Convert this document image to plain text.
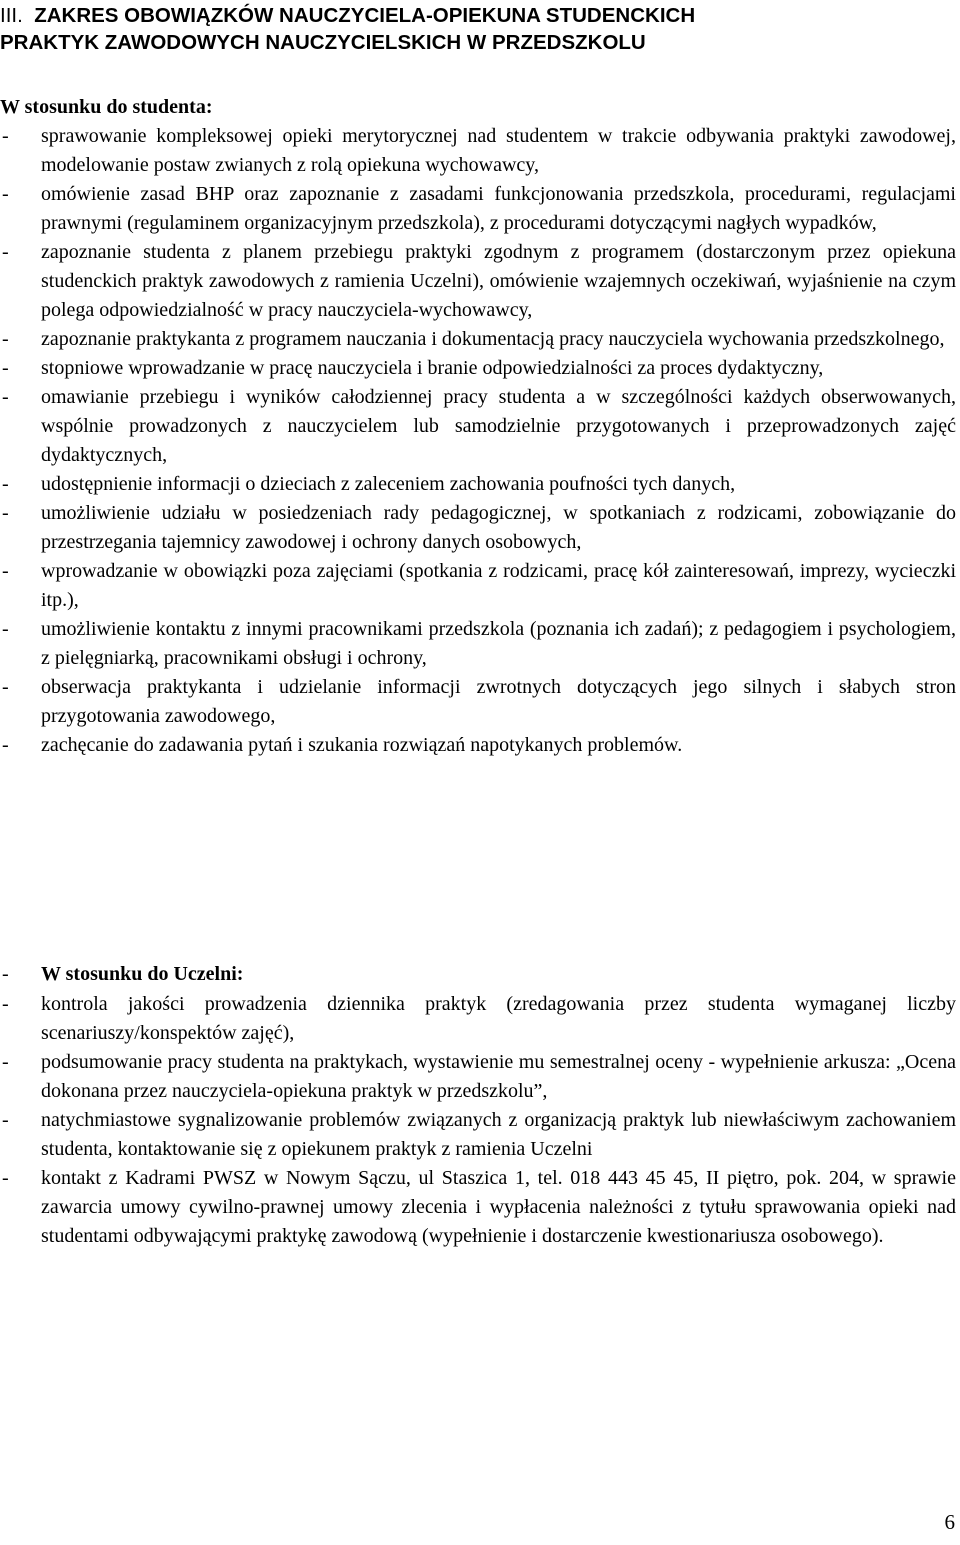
III. ZAKRES OBOWIĄZKÓW NAUCZYCIELA-OPIEKUNA STUDENCKICH
PRAKTYK ZAWODOWYCH NAUCZYCIELSKICH W PRZEDSZKOLU
W stosunku do studenta:
- sprawowanie kompleksowej opieki merytorycznej nad studentem w trakcie odbywania praktyki zawodowej, modelowanie postaw zwianych z rolą opiekuna wychowawcy,
- omówienie zasad BHP oraz zapoznanie z zasadami funkcjonowania przedszkola, procedurami, regulacjami prawnymi (regulaminem organizacyjnym przedszkola), z procedurami dotyczącymi nagłych wypadków,
- zapoznanie studenta z planem przebiegu praktyki zgodnym z programem (dostarczonym przez opiekuna studenckich praktyk zawodowych z ramienia Uczelni), omówienie wzajemnych oczekiwań, wyjaśnienie na czym polega odpowiedzialność w pracy nauczyciela-wychowawcy,
- zapoznanie praktykanta z programem nauczania i dokumentacją pracy nauczyciela wychowania przedszkolnego,
- stopniowe wprowadzanie w pracę nauczyciela i branie odpowiedzialności za proces dydaktyczny,
- omawianie przebiegu i wyników całodziennej pracy studenta a w szczególności każdych obserwowanych, wspólnie prowadzonych z nauczycielem lub samodzielnie przygotowanych i przeprowadzonych zajęć dydaktycznych,
- udostępnienie informacji o dzieciach z zaleceniem zachowania poufności tych danych,
- umożliwienie udziału w posiedzeniach rady pedagogicznej, w spotkaniach z rodzicami, zobowiązanie do przestrzegania tajemnicy zawodowej i ochrony danych osobowych,
- wprowadzanie w obowiązki poza zajęciami (spotkania z rodzicami, pracę kół zainteresowań, imprezy, wycieczki itp.),
- umożliwienie kontaktu z innymi pracownikami przedszkola (poznania ich zadań); z pedagogiem i psychologiem, z pielęgniarką, pracownikami obsługi i ochrony,
- obserwacja praktykanta i udzielanie informacji zwrotnych dotyczących jego silnych i słabych stron przygotowania zawodowego,
- zachęcanie do zadawania pytań i szukania rozwiązań napotykanych problemów.
- W stosunku do Uczelni:
- kontrola jakości prowadzenia dziennika praktyk (zredagowania przez studenta wymaganej liczby scenariuszy/konspektów zajęć),
- podsumowanie pracy studenta na praktykach, wystawienie mu semestralnej oceny - wypełnienie arkusza: „Ocena dokonana przez nauczyciela-opiekuna praktyk w przedszkolu”,
- natychmiastowe sygnalizowanie problemów związanych z organizacją praktyk lub niewłaściwym zachowaniem studenta, kontaktowanie się z opiekunem praktyk z ramienia Uczelni
- kontakt z Kadrami PWSZ w Nowym Sączu, ul Staszica 1, tel. 018 443 45 45, II piętro, pok. 204, w sprawie zawarcia umowy cywilno-prawnej umowy zlecenia i wypłacenia należności z tytułu sprawowania opieki nad studentami odbywającymi praktykę zawodową (wypełnienie i dostarczenie kwestionariusza osobowego).
6
